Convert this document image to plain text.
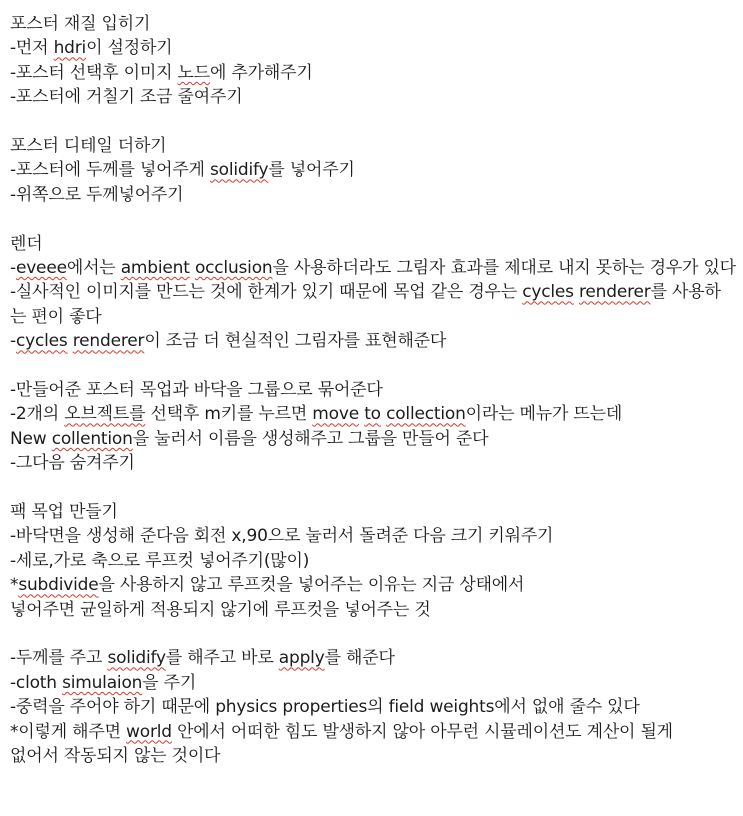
포스터 재질 입히기
-먼저 hdri이 설정하기
-포스터 선택후 이미지 노드에 추가해주기
-포스터에 거칠기 조금 줄여주기
포스터 디테일 더하기
-포스터에 두께를 넣어주게 solidify를 넣어주기
-위쪽으로 두께넣어주기
렌더
-eveee에서는 ambient occlusion을 사용하더라도 그림자 효과를 제대로 내지 못하는 경우가 있다
-실사적인 이미지를 만드는 것에 한계가 있기 때문에 목업 같은 경우는 cycles renderer를 사용하는 편이 좋다
-cycles renderer이 조금 더 현실적인 그림자를 표현해준다
-만들어준 포스터 목업과 바닥을 그룹으로 묶어준다
-2개의 오브젝트를 선택후 m키를 누르면 move to collection이라는 메뉴가 뜨는데
New collention을 눌러서 이름을 생성해주고 그룹을 만들어 준다
-그다음 숨겨주기
팩 목업 만들기
-바닥면을 생성해 준다음 회전 x,90으로 눌러서 돌려준 다음 크기 키워주기
-세로,가로 축으로 루프컷 넣어주기(많이)
*subdivide을 사용하지 않고 루프컷을 넣어주는 이유는 지금 상태에서
넣어주면 균일하게 적용되지 않기에 루프컷을 넣어주는 것
-두께를 주고 solidify를 해주고 바로 apply를 해준다
-cloth simulaion을 주기
-중력을 주어야 하기 때문에 physics properties의 field weights에서 없애 줄수 있다
*이렇게 해주면 world 안에서 어떠한 힘도 발생하지 않아 아무런 시뮬레이션도 계산이 될게
없어서 작동되지 않는 것이다
